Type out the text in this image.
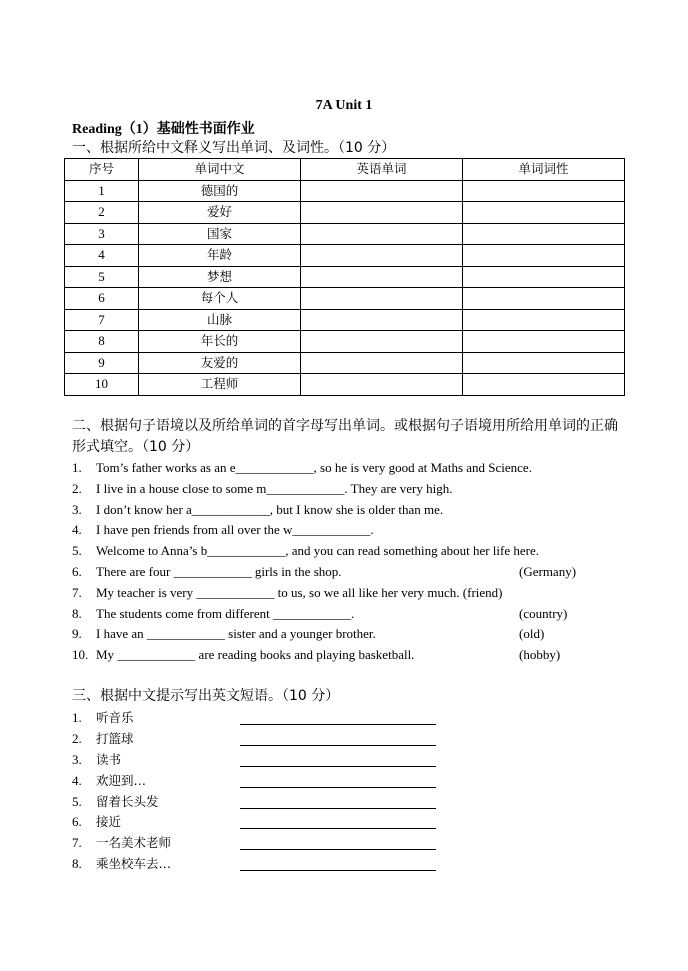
7A Unit 1
Reading（1）基础性书面作业
一、根据所给中文释义写出单词、及词性。（10 分）
序号	单词中文	英语单词	单词词性
1	德国的		
2	爱好		
3	国家		
4	年龄		
5	梦想		
6	每个人		
7	山脉		
8	年长的		
9	友爱的		
10	工程师		
二、根据句子语境以及所给单词的首字母写出单词。或根据句子语境用所给用单词的正确形式填空。（10 分）
1. Tom’s father works as an e____________, so he is very good at Maths and Science.
2. I live in a house close to some m____________. They are very high.
3. I don’t know her a____________, but I know she is older than me.
4. I have pen friends from all over the w____________.
5. Welcome to Anna’s b____________, and you can read something about her life here.
6. There are four ____________ girls in the shop.	(Germany)
7. My teacher is very ____________ to us, so we all like her very much. (friend)
8. The students come from different ____________.	(country)
9. I have an ____________ sister and a younger brother.	(old)
10. My ____________ are reading books and playing basketball.	(hobby)
三、根据中文提示写出英文短语。（10 分）
1. 听音乐
2. 打篮球
3. 读书
4. 欢迎到…
5. 留着长头发
6. 接近
7. 一名美术老师
8. 乘坐校车去…
